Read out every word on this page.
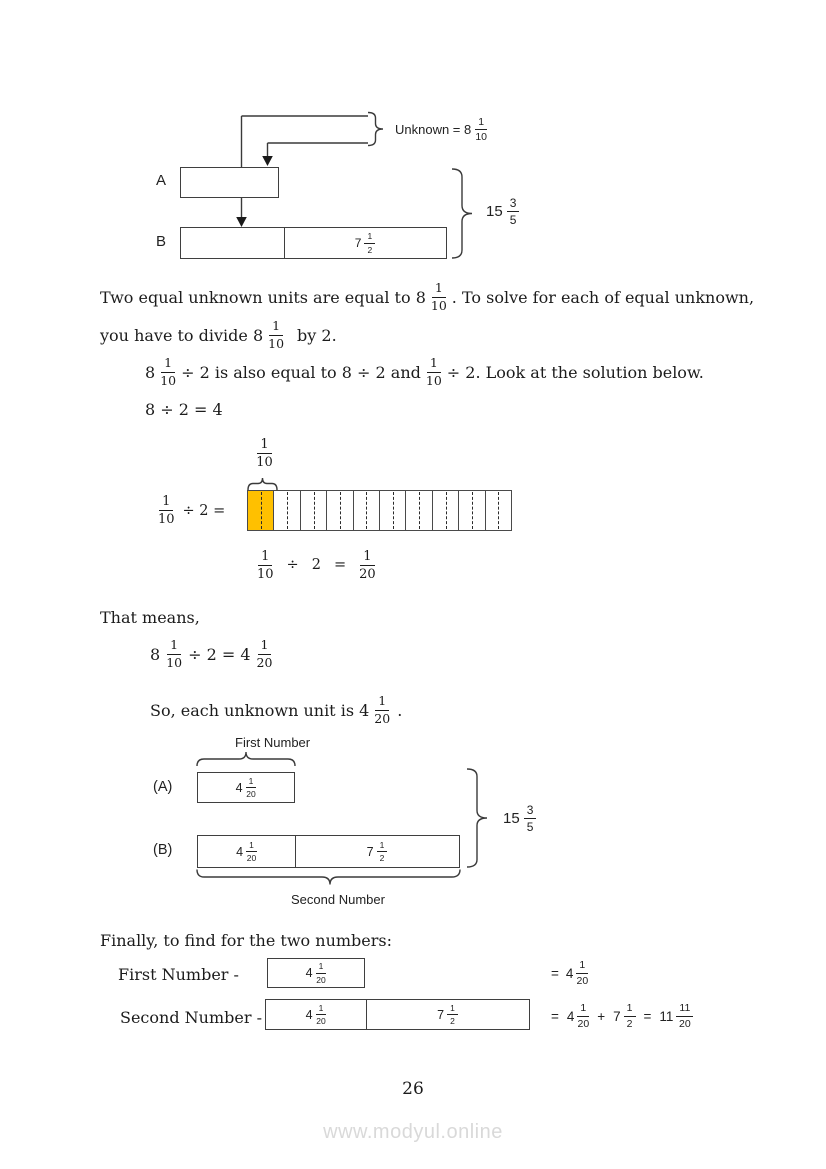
Unknown = 8
1
10
A
B	7 1
2
15 3
5
Two equal unknown units are equal to 8 1
10 . To solve for each of equal unknown,
you have to divide 8 1
10 by 2.
$8 \frac{1}{10} \div 2$ is also equal to 8 ÷ 2 and $\frac{1}{10} \div 2$. Look at the solution below.
8 ÷ 2 = 4
1
10
$\frac{1}{10} \div 2$ =
$\frac{1}{10} \div 2 = \frac{1}{20}$
That means,
$8 \frac{1}{10} \div 2 = 4$ 1
20
So, each unknown unit is 4 1
20 .
First Number
(A)	4 1
20
(B)	4 1
20	7 1
2
Second Number
15 3
5
Finally, to find for the two numbers:
First Number -	4 1
20	= 4
1
20
Second Number -	4 1
20	7 1
2	= 4
1
20 + 7
1
2 = 11
11
20
26
www.modyul.online
